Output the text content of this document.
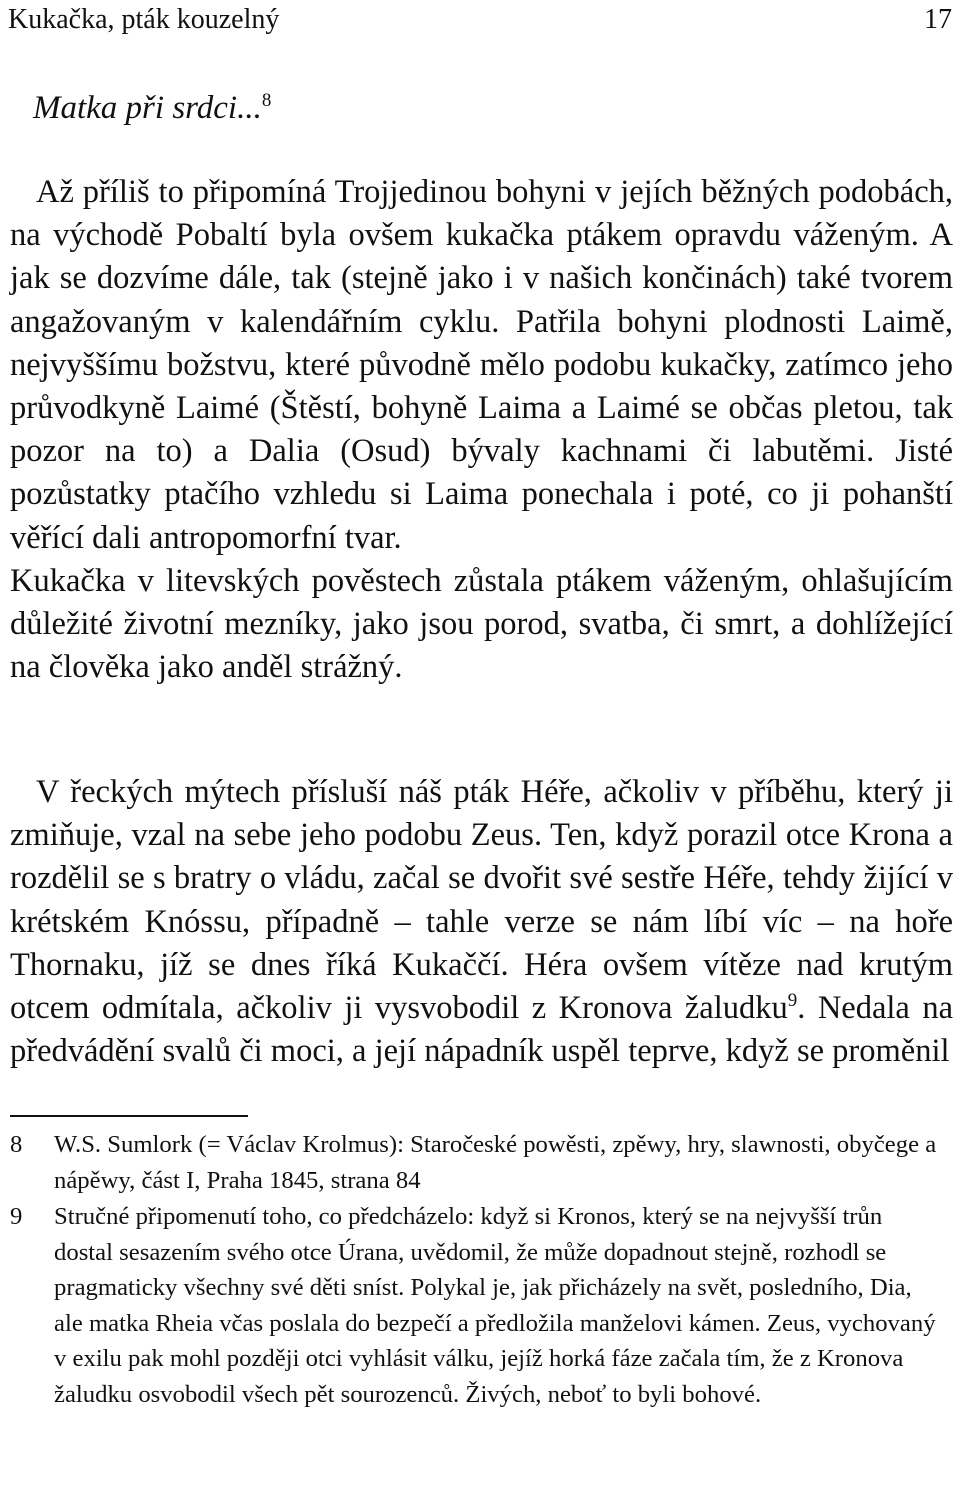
Kukačka, pták kouzelný	17
Matka při srdci...$^8$

Až příliš to připomíná Trojjedinou bohyni v jejích běžných podobách, na východě Pobaltí byla ovšem kukačka ptákem opravdu váženým. A jak se dozvíme dále, tak (stejně jako i v našich končinách) také tvorem angažovaným v kalendářním cyklu. Patřila bohyni plodnosti Laimě, nejvyššímu božstvu, které původně mělo podobu kukačky, zatímco jeho průvodkyně Laimé (Štěstí, bohyně Laima a Laimé se občas pletou, tak pozor na to) a Dalia (Osud) bývaly kachnami či labutěmi. Jisté pozůstatky ptačího vzhledu si Laima ponechala i poté, co ji pohanští věřící dali antropomorfní tvar.
Kukačka v litevských pověstech zůstala ptákem váženým, ohlašujícím důležité životní mezníky, jako jsou porod, svatba, či smrt, a dohlížející na člověka jako anděl strážný.

V řeckých mýtech přísluší náš pták Héře, ačkoliv v příběhu, který ji zmiňuje, vzal na sebe jeho podobu Zeus. Ten, když porazil otce Krona a rozdělil se s bratry o vládu, začal se dvořit své sestře Héře, tehdy žijící v krétském Knóssu, případně – tahle verze se nám líbí víc – na hoře Thornaku, jíž se dnes říká Kukaččí. Héra ovšem vítěze nad krutým otcem odmítala, ačkoliv ji vysvobodil z Kronova žaludku$^9$. Nedala na předvádění svalů či moci, a její nápadník uspěl teprve, když se proměnil

8	W.S. Sumlork (= Václav Krolmus): Staročeské powěsti, zpěwy, hry, slawnosti, obyčege a nápěwy, část I, Praha 1845, strana 84
9	Stručné připomenutí toho, co předcházelo: když si Kronos, který se na nejvyšší trůn dostal sesazením svého otce Úrana, uvědomil, že může dopadnout stejně, rozhodl se pragmaticky všechny své děti sníst. Polykal je, jak přicházely na svět, posledního, Dia, ale matka Rheia včas poslala do bezpečí a předložila manželovi kámen. Zeus, vychovaný v exilu pak mohl později otci vyhlásit válku, jejíž horká fáze začala tím, že z Kronova žaludku osvobodil všech pět sourozenců. Živých, neboť to byli bohové.
